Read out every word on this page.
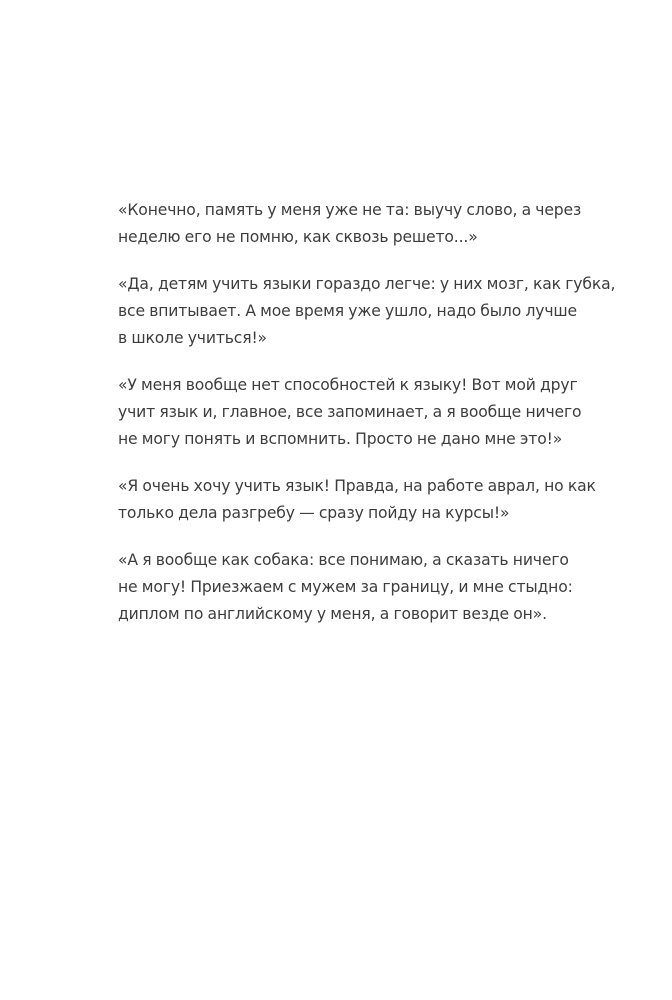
«Конечно, память у меня уже не та: выучу слово, а через
неделю его не помню, как сквозь решето...»

«Да, детям учить языки гораздо легче: у них мозг, как губка,
все впитывает. А мое время уже ушло, надо было лучше
в школе учиться!»

«У меня вообще нет способностей к языку! Вот мой друг
учит язык и, главное, все запоминает, а я вообще ничего
не могу понять и вспомнить. Просто не дано мне это!»

«Я очень хочу учить язык! Правда, на работе аврал, но как
только дела разгребу — сразу пойду на курсы!»

«А я вообще как собака: все понимаю, а сказать ничего
не могу! Приезжаем с мужем за границу, и мне стыдно:
диплом по английскому у меня, а говорит везде он».
